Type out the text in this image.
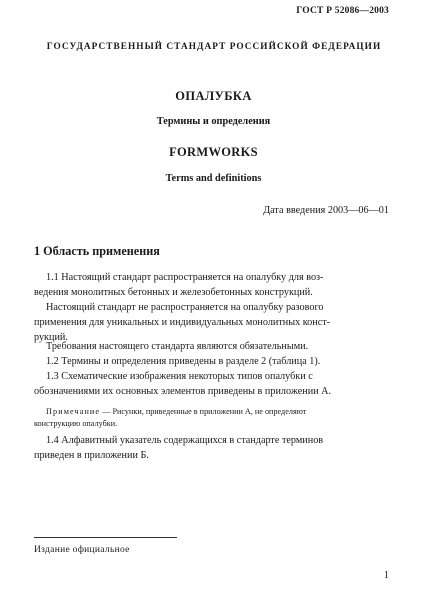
ГОСТ Р 52086—2003
ГОСУДАРСТВЕННЫЙ СТАНДАРТ РОССИЙСКОЙ ФЕДЕРАЦИИ
ОПАЛУБКА
Термины и определения
FORMWORKS
Terms and definitions
Дата введения 2003—06—01
1 Область применения
1.1 Настоящий стандарт распространяется на опалубку для воз-
ведения монолитных бетонных и железобетонных конструкций.
Настоящий стандарт не распространяется на опалубку разового
применения для уникальных и индивидуальных монолитных конст-
рукций.
Требования настоящего стандарта являются обязательными.
1.2 Термины и определения приведены в разделе 2 (таблица 1).
1.3 Схематические изображения некоторых типов опалубки с
обозначениями их основных элементов приведены в приложении А.
Примечание — Рисунки, приведенные в приложении А, не определяют
конструкцию опалубки.
1.4 Алфавитный указатель содержащихся в стандарте терминов
приведен в приложении Б.
Издание официальное
1
